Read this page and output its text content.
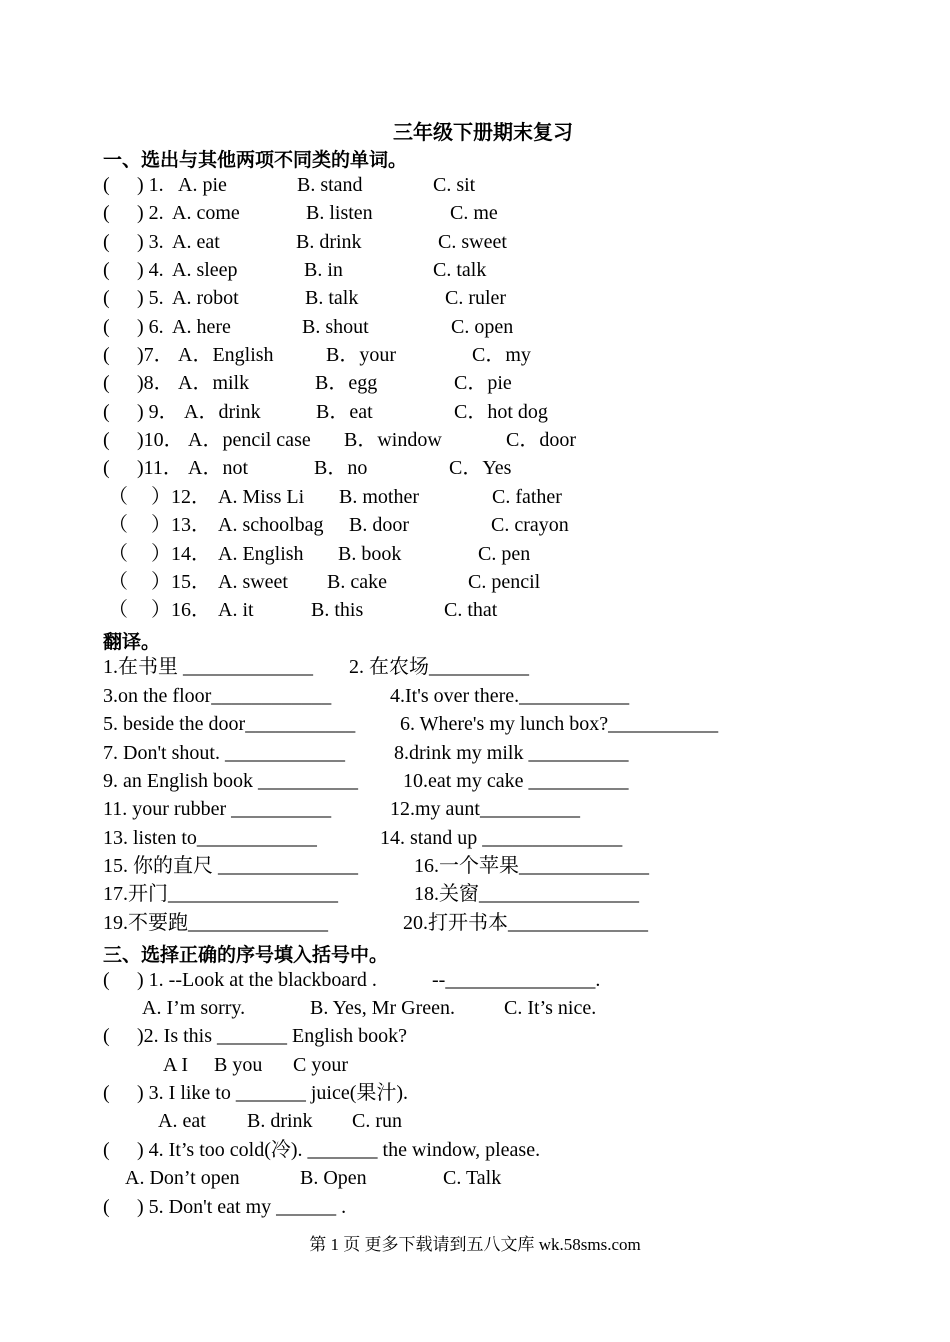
三年级下册期末复习
一、选出与其他两项不同类的单词。
( ) 1. A. pie	B. stand	C. sit
( ) 2. A. come	B. listen	C. me
( ) 3. A. eat	B. drink	C. sweet
( ) 4. A. sleep	B. in	C. talk
( ) 5. A. robot	B. talk	C. ruler
( ) 6. A. here	B. shout	C. open
( )7． A．English	B．your	C．my
( )8． A．milk	B．egg	C．pie
( ) 9． A．drink	B．eat	C．hot dog
( )10． A．pencil case B．window	C．door
( )11． A．not	B．no	C．Yes
（ ）12． A. Miss Li B. mother	C. father
（ ）13． A. schoolbag B. door	C. crayon
（ ）14． A. English B. book	C. pen
（ ）15． A. sweet B. cake	C. pencil
（ ）16． A. it	B. this	C. that
翻译。
1.在书里 _____________ 2. 在农场__________
3.on the floor____________	4.It's over there.___________
5. beside the door___________ 6. Where's my lunch box?___________
7. Don't shout. ____________ 8.drink my milk __________
9. an English book __________ 10.eat my cake __________
11. your rubber __________	12.my aunt__________
13. listen to____________	14. stand up ______________
15. 你的直尺 ______________	16.一个苹果_____________
17.开门_________________	18.关窗________________
19.不要跑______________	20.打开书本______________
三、选择正确的序号填入括号中。
( ) 1. --Look at the blackboard .	--_______________.
A. I’m sorry.	B. Yes, Mr Green. C. It’s nice.
( )2. Is this _______ English book?
A I B you C your
( ) 3. I like to _______ juice(果汁).
A. eat B. drink C. run
( ) 4. It’s too cold(冷). _______ the window, please.
A. Don’t open	B. Open	C. Talk
( ) 5. Don't eat my ______ .
第 1 页 更多下载请到五八文库 wk.58sms.com
